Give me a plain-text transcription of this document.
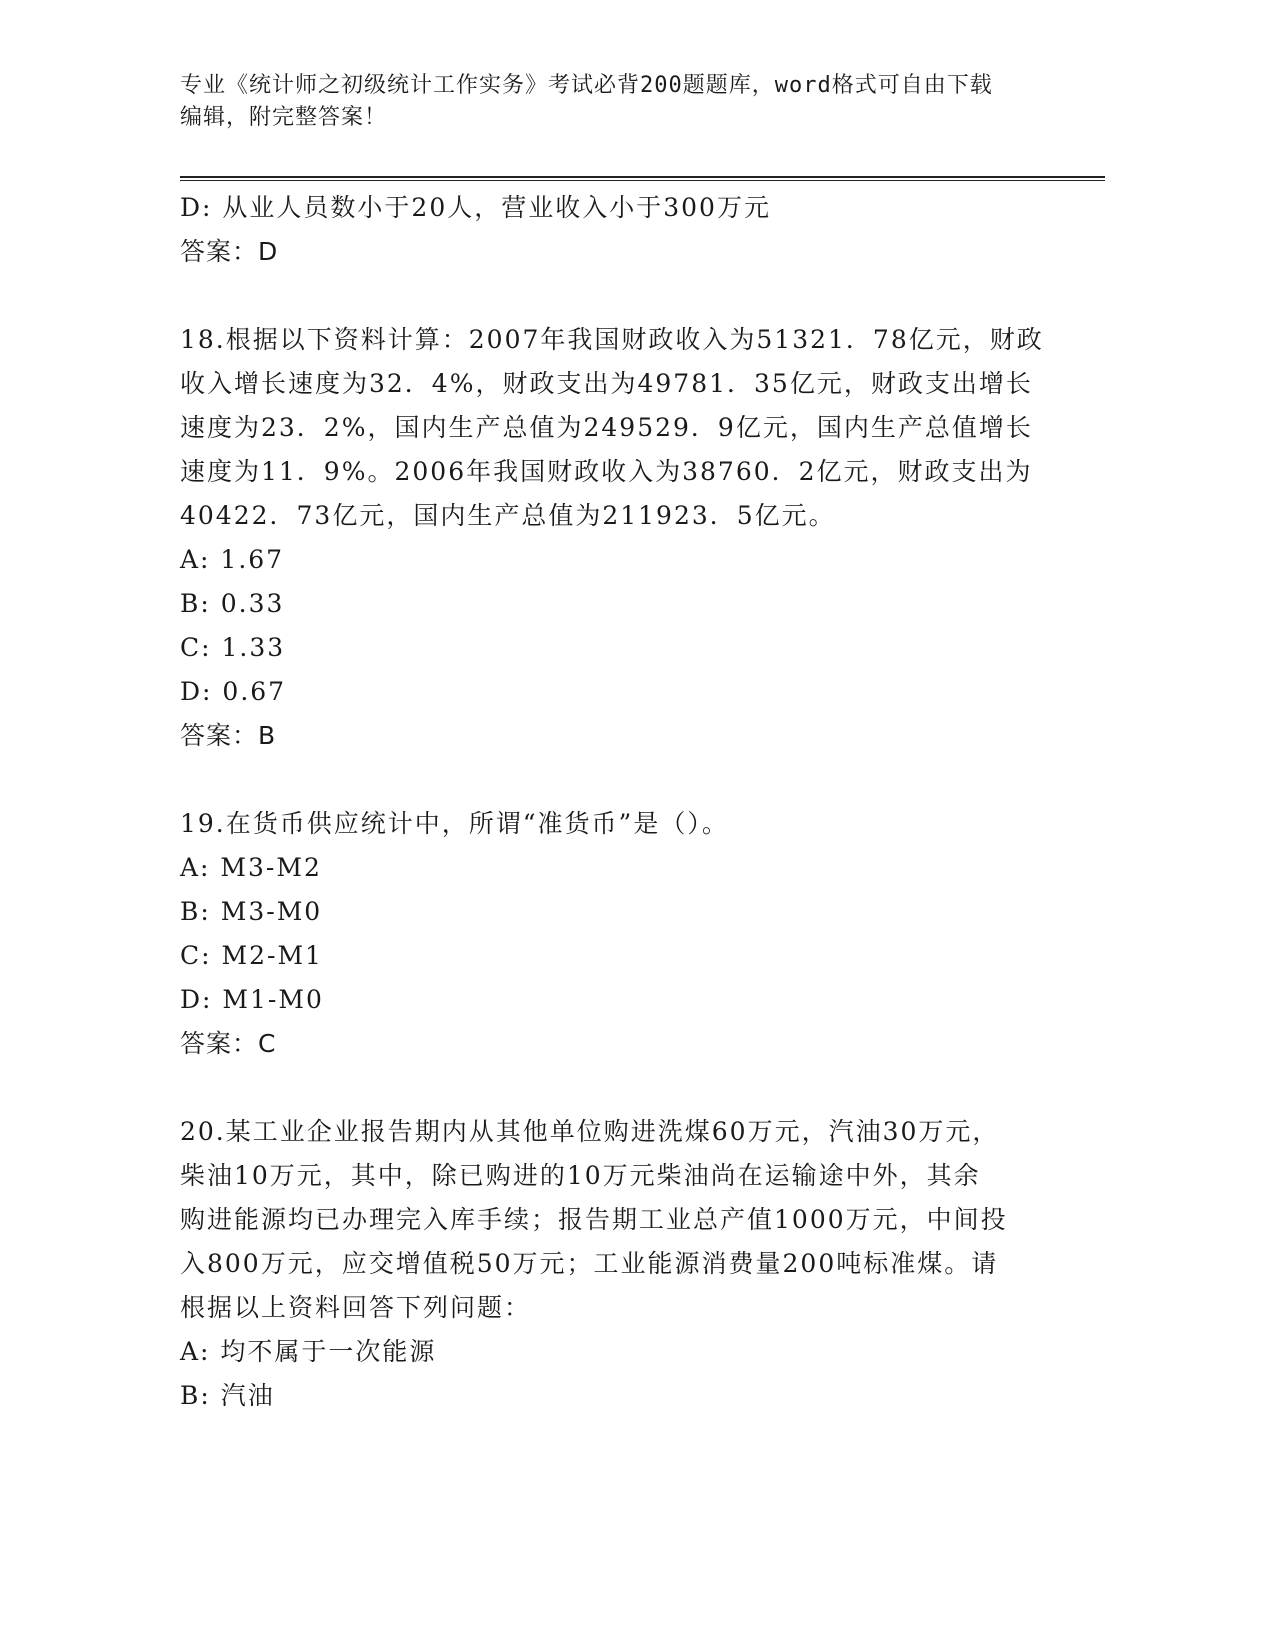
专业《统计师之初级统计工作实务》考试必背200题题库，word格式可自由下载
编辑，附完整答案！
D: 从业人员数小于20人，营业收入小于300万元
答案：D
18.根据以下资料计算：2007年我国财政收入为51321．78亿元，财政
收入增长速度为32．4%，财政支出为49781．35亿元，财政支出增长
速度为23．2%，国内生产总值为249529．9亿元，国内生产总值增长
速度为11．9%。2006年我国财政收入为38760．2亿元，财政支出为
40422．73亿元，国内生产总值为211923．5亿元。
A: 1.67
B: 0.33
C: 1.33
D: 0.67
答案：B
19.在货币供应统计中，所谓“准货币”是（）。
A: M3-M2
B: M3-M0
C: M2-M1
D: M1-M0
答案：C
20.某工业企业报告期内从其他单位购进洗煤60万元，汽油30万元，
柴油10万元，其中，除已购进的10万元柴油尚在运输途中外，其余
购进能源均已办理完入库手续；报告期工业总产值1000万元，中间投
入800万元，应交增值税50万元；工业能源消费量200吨标准煤。请
根据以上资料回答下列问题：
A: 均不属于一次能源
B: 汽油
